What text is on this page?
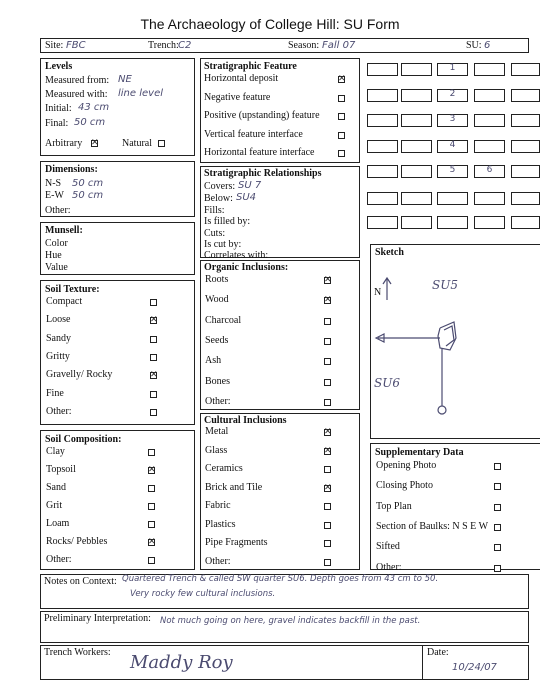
The Archaeology of College Hill: SU Form
Site: FBC	Trench: C2	Season: Fall 07	SU: 6
Levels
Measured from: NE
Measured with: line level
Initial: 43 cm
Final: 50 cm
Arbitrary ✕ Natural
Dimensions:
N-S 50 cm
E-W 50 cm
Other:
Munsell:
Color
Hue
Value
Soil Texture:
Compact
Loose	✕
Sandy
Gritty
Gravelly/ Rocky	✕
Fine
Other:
Soil Composition:
Clay
Topsoil	✕
Sand
Grit
Loam
Rocks/ Pebbles	✕
Other:
Stratigraphic Feature
Horizontal deposit	✕
Negative feature
Positive (upstanding) feature
Vertical feature interface
Horizontal feature interface
Stratigraphic Relationships
Covers: SU 7
Below: SU4
Fills:
Is filled by:
Cuts:
Is cut by:
Correlates with:
Organic Inclusions:
Roots	✕
Wood	✕
Charcoal
Seeds
Ash
Bones
Other:
Cultural Inclusions
Metal	✕
Glass	✕
Ceramics
Brick and Tile	✕
Fabric
Plastics
Pipe Fragments
Other:
1
2
3
4
5	6
Sketch
N
SU5
SU6
Supplementary Data
Opening Photo
Closing Photo
Top Plan
Section of Baulks: N S E W
Sifted
Other:
Notes on Context: Quartered Trench & called SW quarter SU6. Depth goes from 43 cm to 50.
Very rocky few cultural inclusions.
Preliminary Interpretation: Not much going on here, gravel indicates backfill in the past.
Trench Workers: Maddy Roy	Date:
10/24/07
